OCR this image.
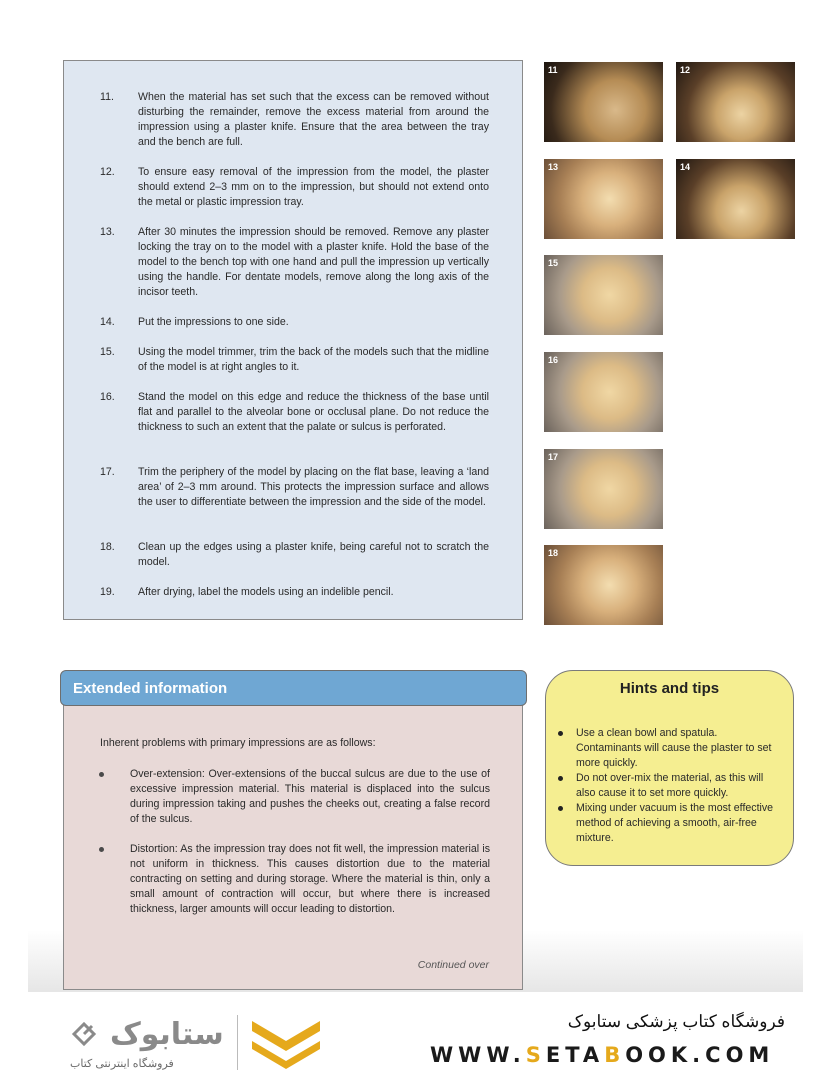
11. When the material has set such that the excess can be removed without disturbing the remainder, remove the excess material from around the impression using a plaster knife. Ensure that the area between the tray and the bench are full.
12. To ensure easy removal of the impression from the model, the plaster should extend 2–3 mm on to the impression, but should not extend onto the metal or plastic impression tray.
13. After 30 minutes the impression should be removed. Remove any plaster locking the tray on to the model with a plaster knife. Hold the base of the model to the bench top with one hand and pull the impression up vertically using the handle. For dentate models, remove along the long axis of the incisor teeth.
14. Put the impressions to one side.
15. Using the model trimmer, trim the back of the models such that the midline of the model is at right angles to it.
16. Stand the model on this edge and reduce the thickness of the base until flat and parallel to the alveolar bone or occlusal plane. Do not reduce the thickness to such an extent that the palate or sulcus is perforated.
17. Trim the periphery of the model by placing on the flat base, leaving a ‘land area’ of 2–3 mm around. This protects the impression surface and allows the user to differentiate between the impression and the side of the model.
18. Clean up the edges using a plaster knife, being careful not to scratch the model.
19. After drying, label the models using an indelible pencil.
11	12
13	14
15
16
17
18
Inherent problems with primary impressions are as follows:
Over-extension: Over-extensions of the buccal sulcus are due to the use of excessive impression material. This material is displaced into the sulcus during impression taking and pushes the cheeks out, creating a false record of the sulcus.
Distortion: As the impression tray does not fit well, the impression material is not uniform in thickness. This causes distortion due to the material contracting on setting and during storage. Where the material is thin, only a small amount of contraction will occur, but where there is increased thickness, larger amounts will occur leading to distortion.
Continued over
Extended information	Hints and tips
Use a clean bowl and spatula. Contaminants will cause the plaster to set more quickly.
Do not over-mix the material, as this will also cause it to set more quickly.
Mixing under vacuum is the most effective method of achieving a smooth, air-free mixture.
ستابوک
فروشگاه اینترنتی کتاب
فروشگاه کتاب پزشکی ستابوک
WWW.SETABOOK.COM
